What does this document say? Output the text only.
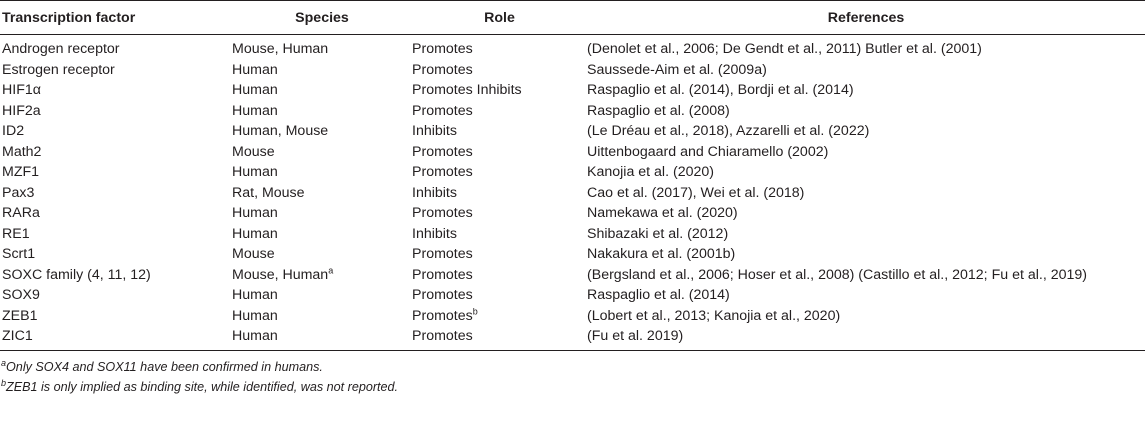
Transcription factor	Species	Role	References
Androgen receptor	Mouse, Human	Promotes	(Denolet et al., 2006; De Gendt et al., 2011) Butler et al. (2001)
Estrogen receptor	Human	Promotes	Saussede-Aim et al. (2009a)
HIF1α	Human	Promotes Inhibits	Raspaglio et al. (2014), Bordji et al. (2014)
HIF2a	Human	Promotes	Raspaglio et al. (2008)
ID2	Human, Mouse	Inhibits	(Le Dréau et al., 2018), Azzarelli et al. (2022)
Math2	Mouse	Promotes	Uittenbogaard and Chiaramello (2002)
MZF1	Human	Promotes	Kanojia et al. (2020)
Pax3	Rat, Mouse	Inhibits	Cao et al. (2017), Wei et al. (2018)
RARa	Human	Promotes	Namekawa et al. (2020)
RE1	Human	Inhibits	Shibazaki et al. (2012)
Scrt1	Mouse	Promotes	Nakakura et al. (2001b)
SOXC family (4, 11, 12)	Mouse, Human$^a$	Promotes	(Bergsland et al., 2006; Hoser et al., 2008) (Castillo et al., 2012; Fu et al., 2019)
SOX9	Human	Promotes	Raspaglio et al. (2014)
ZEB1	Human	Promotes$^b$	(Lobert et al., 2013; Kanojia et al., 2020)
ZIC1	Human	Promotes	(Fu et al. 2019)
$^a$Only SOX4 and SOX11 have been confirmed in humans.
$^b$ZEB1 is only implied as binding site, while identified, was not reported.
